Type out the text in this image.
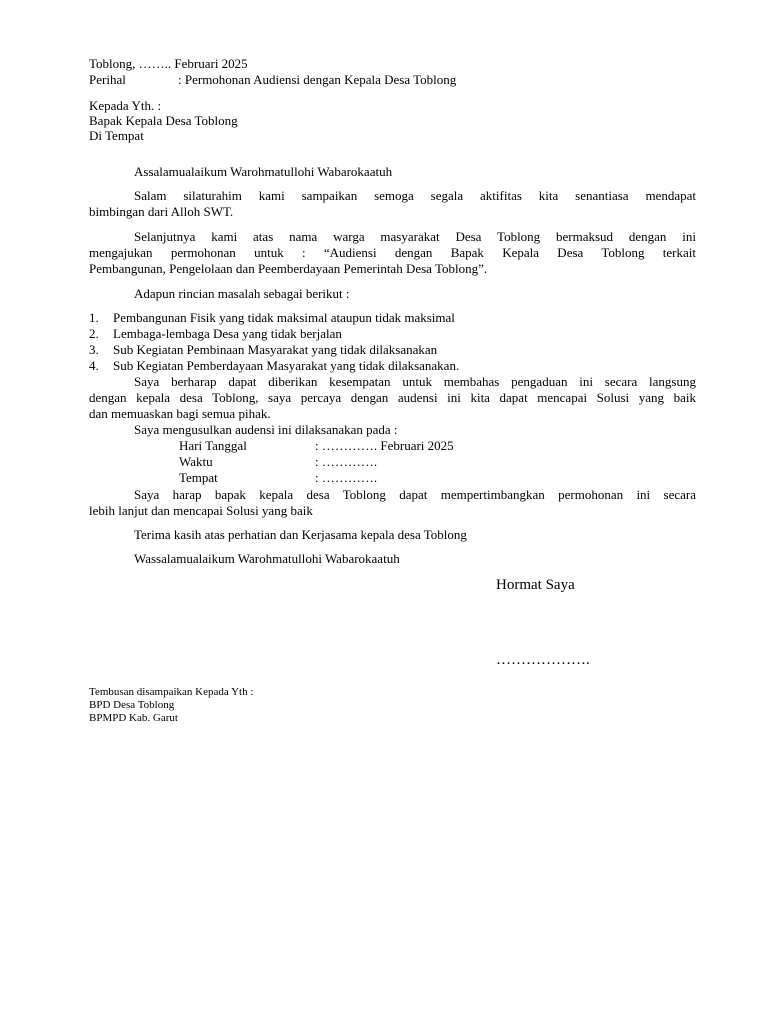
Toblong, …….. Februari 2025
Perihal	: Permohonan Audiensi dengan Kepala Desa Toblong
Kepada Yth. :
Bapak Kepala Desa Toblong
Di Tempat
Assalamualaikum Warohmatullohi Wabarokaatuh
Salam silaturahim kami sampaikan semoga segala aktifitas kita senantiasa mendapat
bimbingan dari Alloh SWT.
Selanjutnya kami atas nama warga masyarakat Desa Toblong bermaksud dengan ini
mengajukan permohonan untuk : “Audiensi dengan Bapak Kepala Desa Toblong terkait
Pembangunan, Pengelolaan dan Peemberdayaan Pemerintah Desa Toblong”.
Adapun rincian masalah sebagai berikut :
1. Pembangunan Fisik yang tidak maksimal ataupun tidak maksimal
2. Lembaga-lembaga Desa yang tidak berjalan
3. Sub Kegiatan Pembinaan Masyarakat yang tidak dilaksanakan
4. Sub Kegiatan Pemberdayaan Masyarakat yang tidak dilaksanakan.
Saya berharap dapat diberikan kesempatan untuk membahas pengaduan ini secara langsung
dengan kepala desa Toblong, saya percaya dengan audensi ini kita dapat mencapai Solusi yang baik
dan memuaskan bagi semua pihak.
Saya mengusulkan audensi ini dilaksanakan pada :
Hari Tanggal	: …………. Februari 2025
Waktu	: ………….
Tempat	: ………….
Saya harap bapak kepala desa Toblong dapat mempertimbangkan permohonan ini secara
lebih lanjut dan mencapai Solusi yang baik
Terima kasih atas perhatian dan Kerjasama kepala desa Toblong
Wassalamualaikum Warohmatullohi Wabarokaatuh
Hormat Saya
……………….
Tembusan disampaikan Kepada Yth :
BPD Desa Toblong
BPMPD Kab. Garut
